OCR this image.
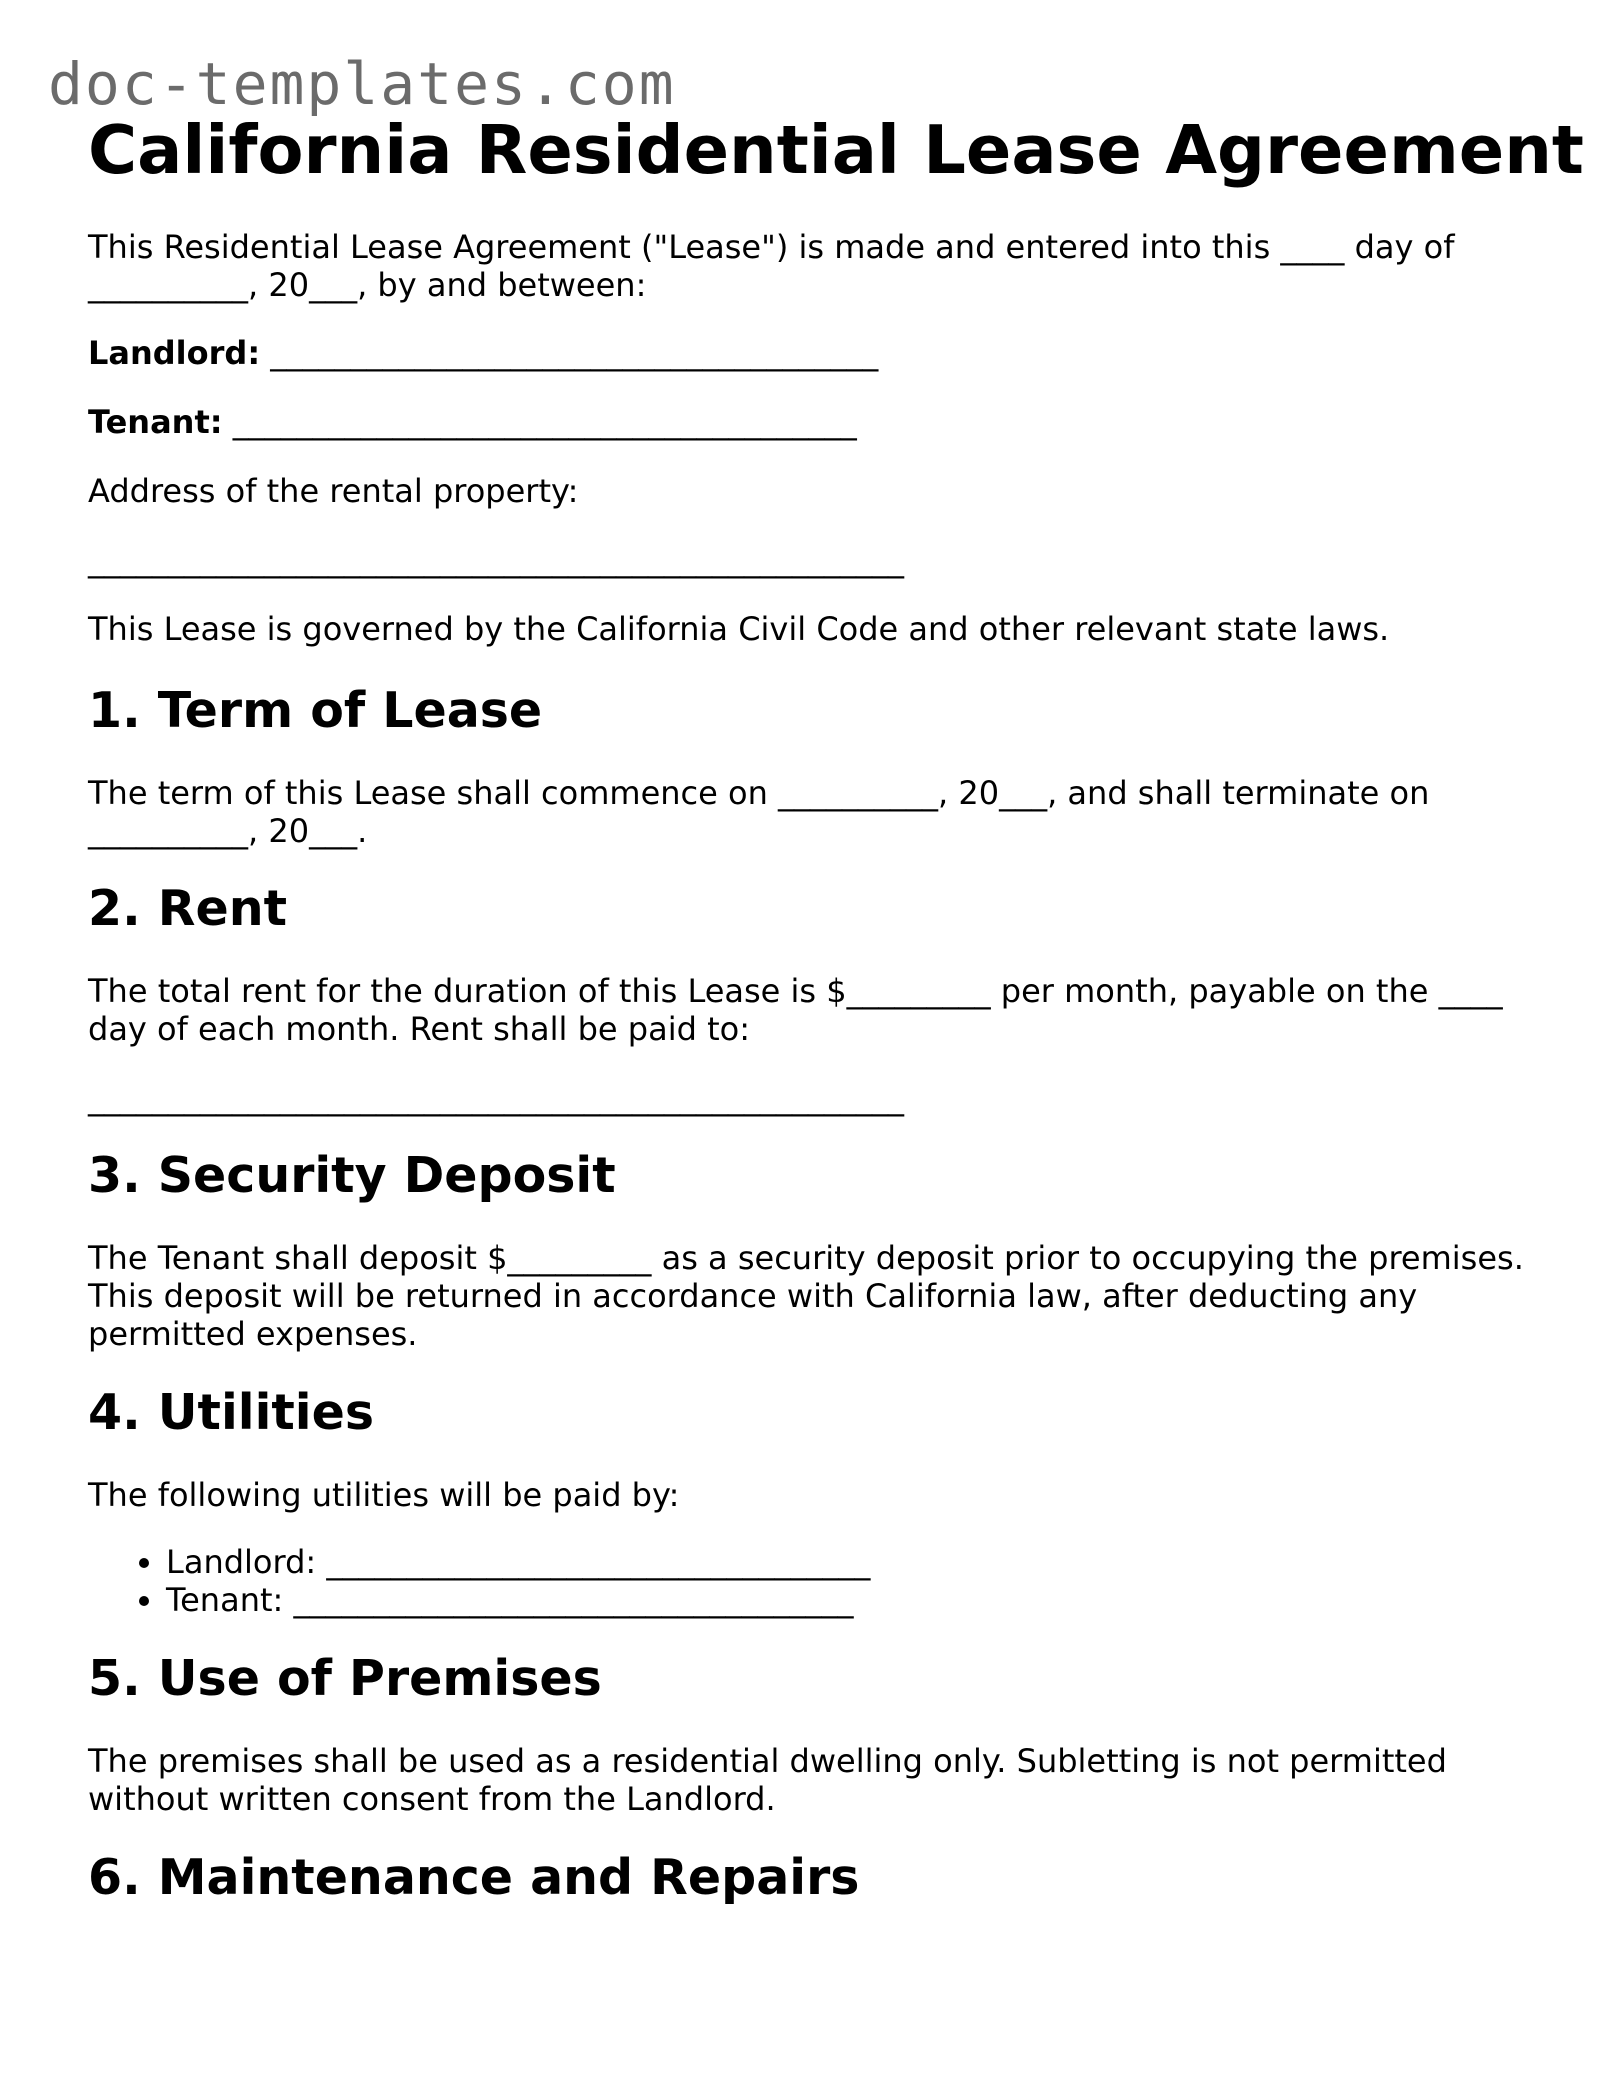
doc-templates.com
California Residential Lease Agreement

This Residential Lease Agreement ("Lease") is made and entered into this ____ day of __________, 20___, by and between:

Landlord: ______________________________________

Tenant: _______________________________________

Address of the rental property:

___________________________________________________

This Lease is governed by the California Civil Code and other relevant state laws.

1. Term of Lease

The term of this Lease shall commence on __________, 20___, and shall terminate on __________, 20___.

2. Rent

The total rent for the duration of this Lease is $_________ per month, payable on the ____ day of each month. Rent shall be paid to:

___________________________________________________

3. Security Deposit

The Tenant shall deposit $_________ as a security deposit prior to occupying the premises. This deposit will be returned in accordance with California law, after deducting any permitted expenses.

4. Utilities

The following utilities will be paid by:

• Landlord: __________________________________
• Tenant: ___________________________________
5. Use of Premises

The premises shall be used as a residential dwelling only. Subletting is not permitted without written consent from the Landlord.

6. Maintenance and Repairs
